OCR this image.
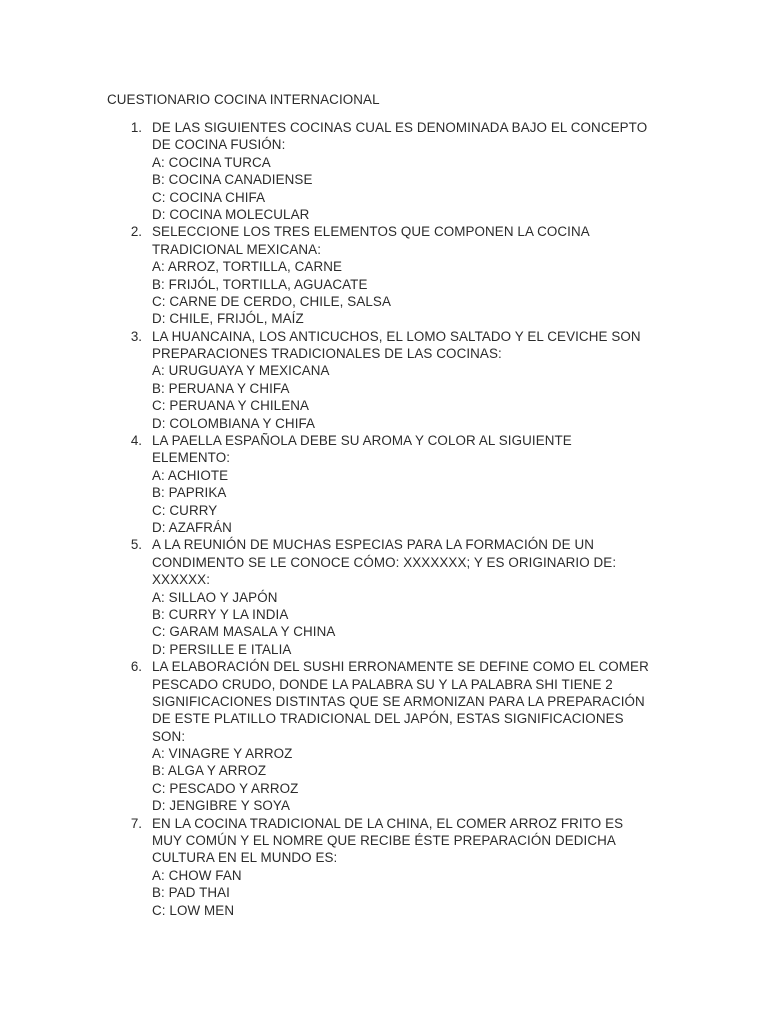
CUESTIONARIO COCINA INTERNACIONAL
1. DE LAS SIGUIENTES COCINAS CUAL ES DENOMINADA BAJO EL CONCEPTO
DE COCINA FUSIÓN:
A: COCINA TURCA
B: COCINA CANADIENSE
C: COCINA CHIFA
D: COCINA MOLECULAR
2. SELECCIONE LOS TRES ELEMENTOS QUE COMPONEN LA COCINA
TRADICIONAL MEXICANA:
A: ARROZ, TORTILLA, CARNE
B: FRIJÓL, TORTILLA, AGUACATE
C: CARNE DE CERDO, CHILE, SALSA
D: CHILE, FRIJÓL, MAÍZ
3. LA HUANCAINA, LOS ANTICUCHOS, EL LOMO SALTADO Y EL CEVICHE SON
PREPARACIONES TRADICIONALES DE LAS COCINAS:
A: URUGUAYA Y MEXICANA
B: PERUANA Y CHIFA
C: PERUANA Y CHILENA
D: COLOMBIANA Y CHIFA
4. LA PAELLA ESPAÑOLA DEBE SU AROMA Y COLOR AL SIGUIENTE
ELEMENTO:
A: ACHIOTE
B: PAPRIKA
C: CURRY
D: AZAFRÁN
5. A LA REUNIÓN DE MUCHAS ESPECIAS PARA LA FORMACIÓN DE UN
CONDIMENTO SE LE CONOCE CÓMO: XXXXXXX; Y ES ORIGINARIO DE:
XXXXXX:
A: SILLAO Y JAPÓN
B: CURRY Y LA INDIA
C: GARAM MASALA Y CHINA
D: PERSILLE E ITALIA
6. LA ELABORACIÓN DEL SUSHI ERRONAMENTE SE DEFINE COMO EL COMER
PESCADO CRUDO, DONDE LA PALABRA SU Y LA PALABRA SHI TIENE 2
SIGNIFICACIONES DISTINTAS QUE SE ARMONIZAN PARA LA PREPARACIÓN
DE ESTE PLATILLO TRADICIONAL DEL JAPÓN, ESTAS SIGNIFICACIONES
SON:
A: VINAGRE Y ARROZ
B: ALGA Y ARROZ
C: PESCADO Y ARROZ
D: JENGIBRE Y SOYA
7. EN LA COCINA TRADICIONAL DE LA CHINA, EL COMER ARROZ FRITO ES
MUY COMÚN Y EL NOMRE QUE RECIBE ÉSTE PREPARACIÓN DEDICHA
CULTURA EN EL MUNDO ES:
A: CHOW FAN
B: PAD THAI
C: LOW MEN
